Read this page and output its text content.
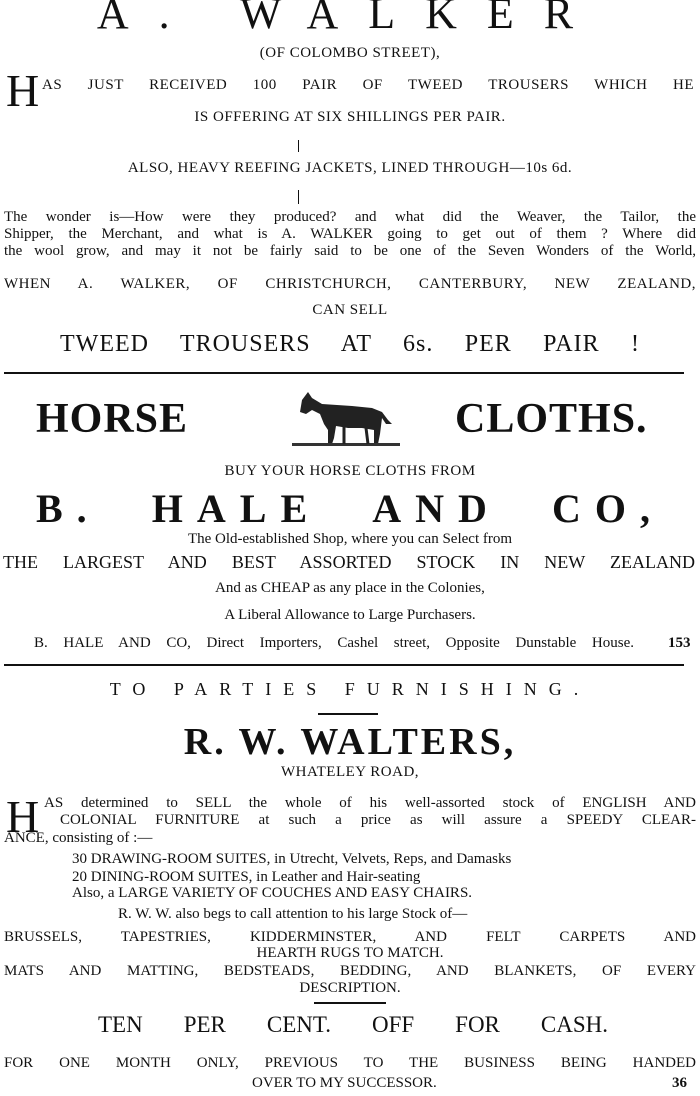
A. WALKER
(OF COLOMBO STREET),
H AS JUST RECEIVED 100 PAIR OF TWEED TROUSERS WHICH HE
IS OFFERING AT SIX SHILLINGS PER PAIR.
ALSO, HEAVY REEFING JACKETS, LINED THROUGH—10s 6d.
The wonder is—How were they produced? and what did the Weaver, the Tailor, the
Shipper, the Merchant, and what is A. WALKER going to get out of them ? Where did
the wool grow, and may it not be fairly said to be one of the Seven Wonders of the World,
WHEN A. WALKER, OF CHRISTCHURCH, CANTERBURY, NEW ZEALAND,
CAN SELL
TWEED TROUSERS AT 6s. PER PAIR !
HORSE	CLOTHS.
BUY YOUR HORSE CLOTHS FROM
B. HALE AND CO,
The Old-established Shop, where you can Select from
THE LARGEST AND BEST ASSORTED STOCK IN NEW ZEALAND
And as CHEAP as any place in the Colonies,
A Liberal Allowance to Large Purchasers.
B. HALE AND CO, Direct Importers, Cashel street, Opposite Dunstable House. 153
TO PARTIES FURNISHING.
R. W. WALTERS,
WHATELEY ROAD,
H AS determined to SELL the whole of his well-assorted stock of ENGLISH AND
COLONIAL FURNITURE at such a price as will assure a SPEEDY CLEAR-
ANCE, consisting of :—
30 DRAWING-ROOM SUITES, in Utrecht, Velvets, Reps, and Damasks
20 DINING-ROOM SUITES, in Leather and Hair-seating
Also, a LARGE VARIETY OF COUCHES AND EASY CHAIRS.
R. W. W. also begs to call attention to his large Stock of—
BRUSSELS, TAPESTRIES, KIDDERMINSTER, AND FELT CARPETS AND
HEARTH RUGS TO MATCH.
MATS AND MATTING, BEDSTEADS, BEDDING, AND BLANKETS, OF EVERY
DESCRIPTION.
TEN PER CENT. OFF FOR CASH.
FOR ONE MONTH ONLY, PREVIOUS TO THE BUSINESS BEING HANDED
OVER TO MY SUCCESSOR.	36
